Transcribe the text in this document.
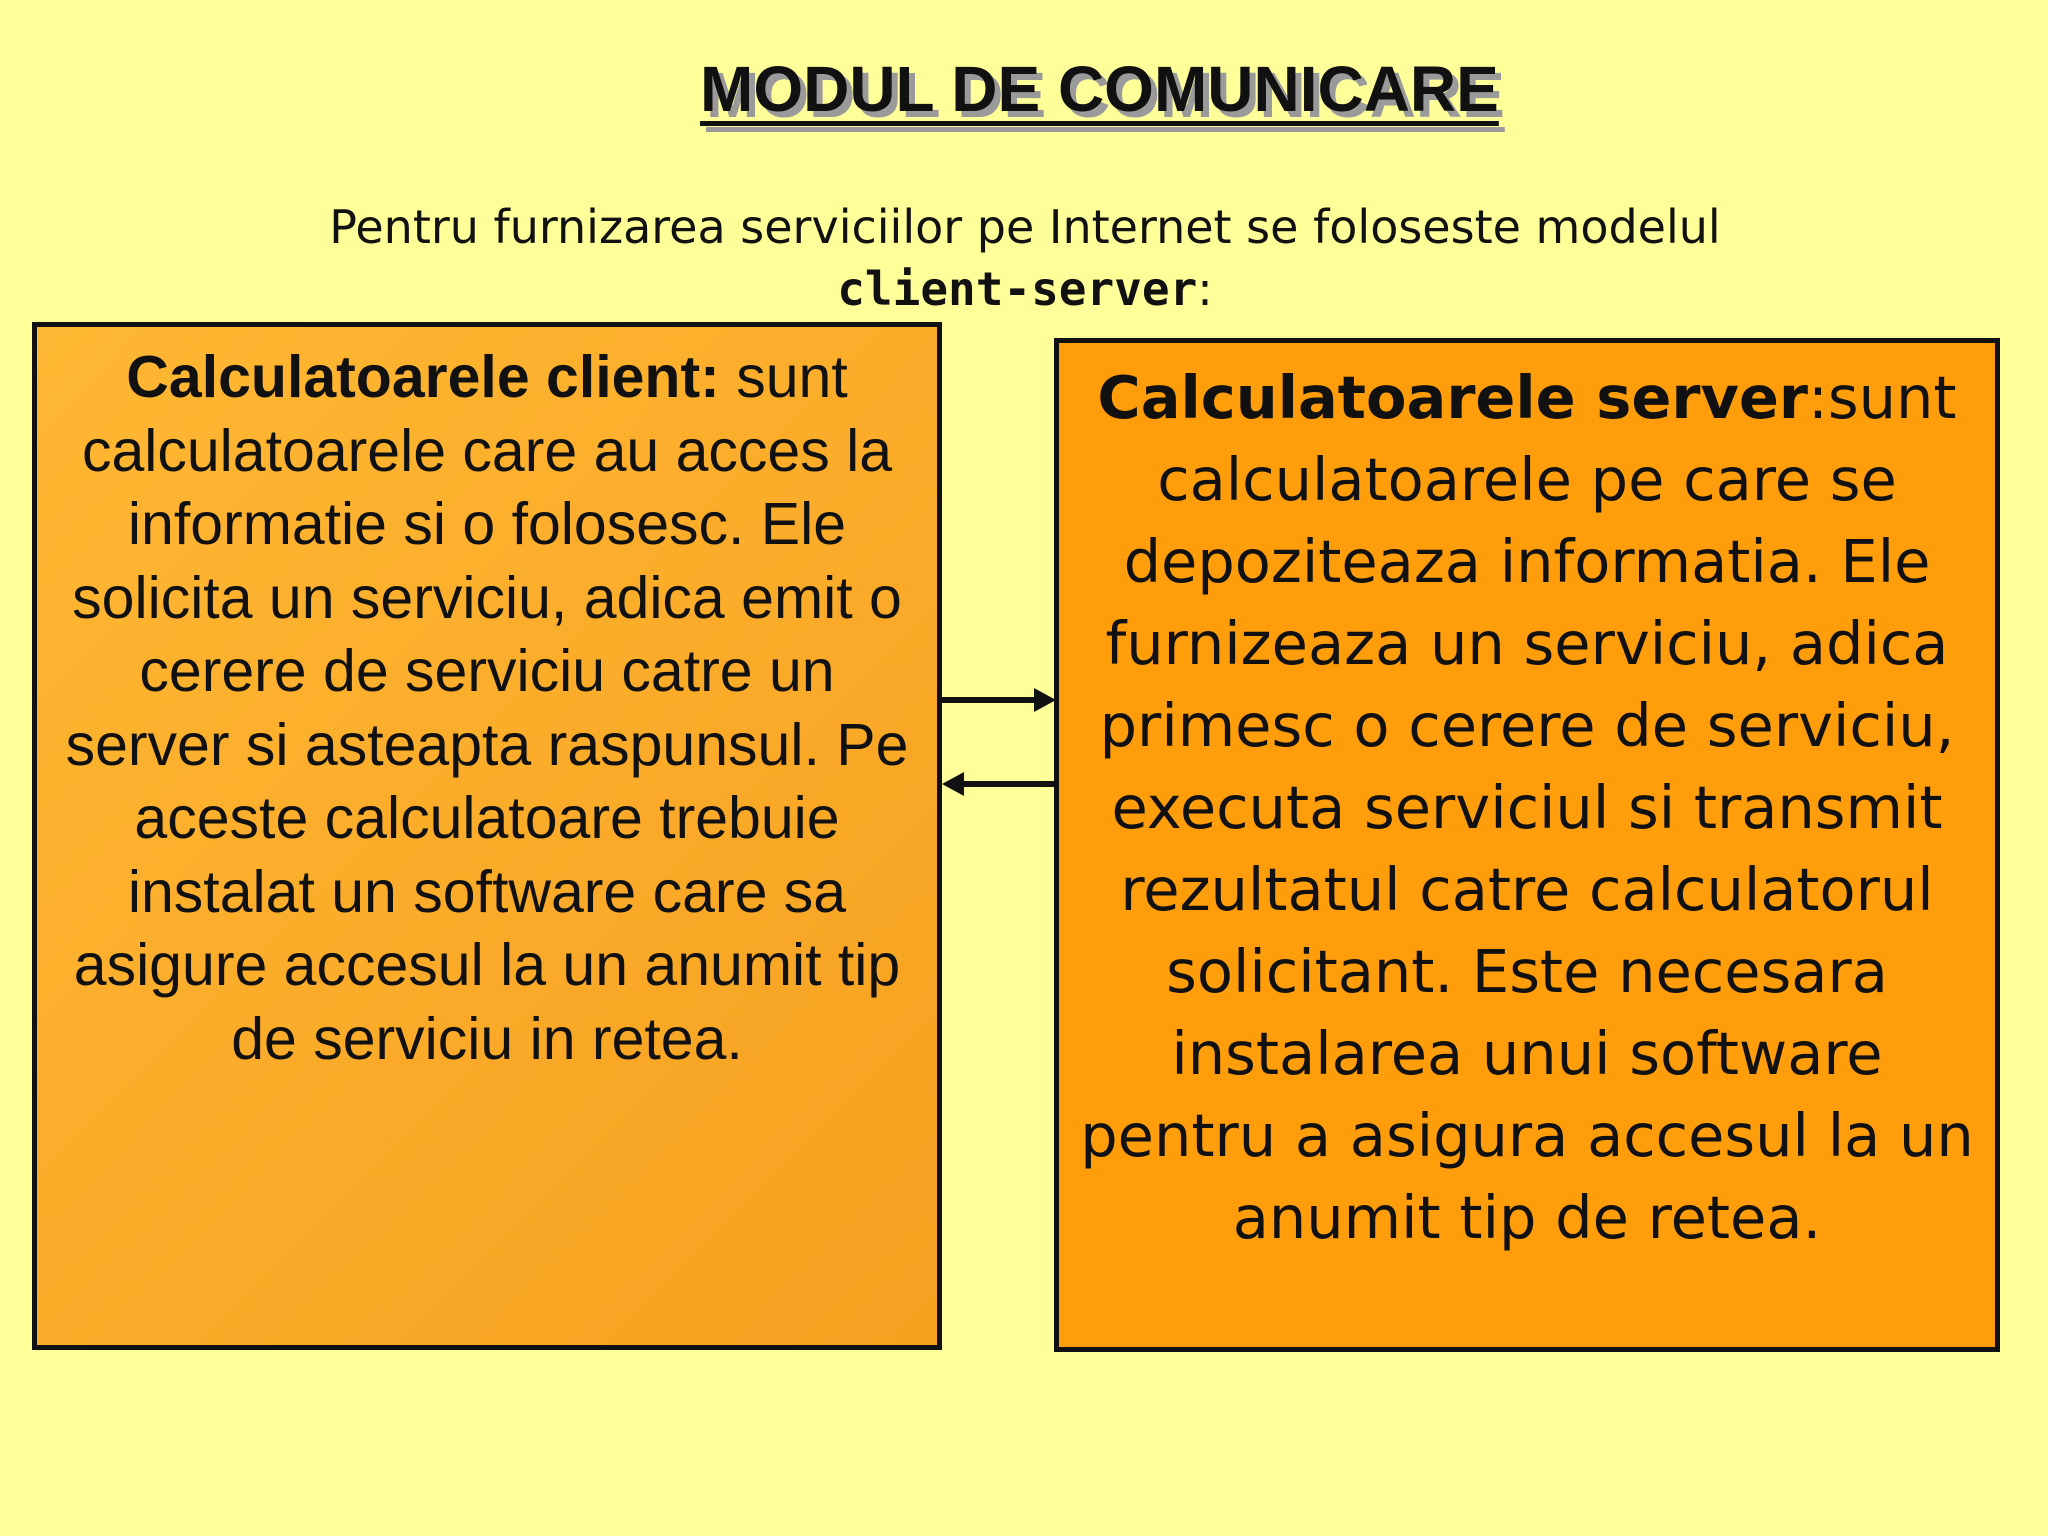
MODUL DE COMUNICARE
Pentru furnizarea serviciilor pe Internet se foloseste modelul
client-server:
Calculatoarele client: sunt calculatoarele care au acces la informatie si o folosesc. Ele solicita un serviciu, adica emit o cerere de serviciu catre un server si asteapta raspunsul. Pe aceste calculatoare trebuie instalat un software care sa asigure accesul la un anumit tip de serviciu in retea.
Calculatoarele server:sunt calculatoarele pe care se depoziteaza informatia. Ele furnizeaza un serviciu, adica primesc o cerere de serviciu, executa serviciul si transmit rezultatul catre calculatorul solicitant. Este necesara instalarea unui software pentru a asigura accesul la un anumit tip de retea.
